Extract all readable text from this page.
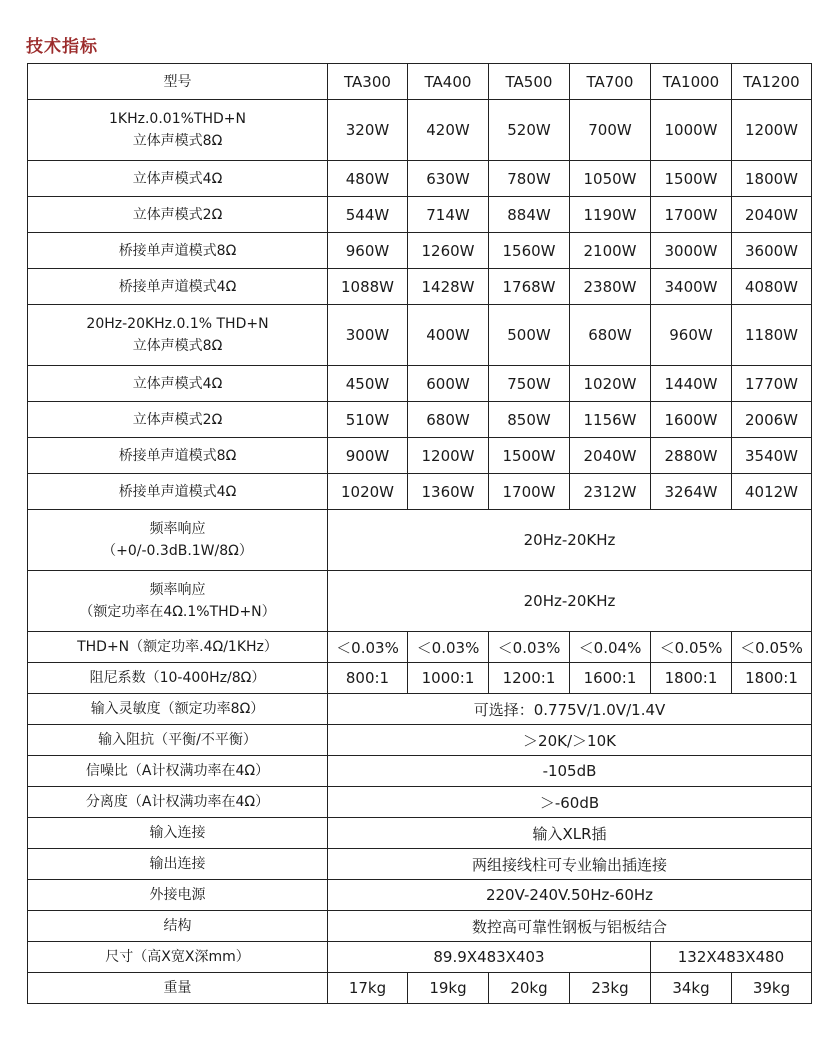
技术指标
型号	TA300	TA400	TA500	TA700	TA1000	TA1200

1KHz.0.01%THD+N
立体声模式8Ω	320W	420W	520W	700W	1000W	1200W

立体声模式4Ω	480W	630W	780W	1050W	1500W	1800W

立体声模式2Ω	544W	714W	884W	1190W	1700W	2040W

桥接单声道模式8Ω	960W	1260W	1560W	2100W	3000W	3600W

桥接单声道模式4Ω	1088W	1428W	1768W	2380W	3400W	4080W

20Hz-20KHz.0.1% THD+N
立体声模式8Ω	300W	400W	500W	680W	960W	1180W

立体声模式4Ω	450W	600W	750W	1020W	1440W	1770W

立体声模式2Ω	510W	680W	850W	1156W	1600W	2006W

桥接单声道模式8Ω	900W	1200W	1500W	2040W	2880W	3540W

桥接单声道模式4Ω	1020W	1360W	1700W	2312W	3264W	4012W

频率响应
（+0/-0.3dB.1W/8Ω）	20Hz-20KHz					

频率响应
（额定功率在4Ω.1%THD+N）	20Hz-20KHz					
THD+N（额定功率.4Ω/1KHz）	＜0.03%	＜0.03%	＜0.03%	＜0.04%	＜0.05%	＜0.05%
阻尼系数（10-400Hz/8Ω）	800:1	1000:1	1200:1	1600:1	1800:1	1800:1
输入灵敏度（额定功率8Ω）	可选择：0.775V/1.0V/1.4V					
输入阻抗（平衡/不平衡）	＞20K/＞10K					
信噪比（A计权满功率在4Ω）	-105dB					
分离度（A计权满功率在4Ω）	＞-60dB					
输入连接	输入XLR插					
输出连接	两组接线柱可专业输出插连接					
外接电源	220V-240V.50Hz-60Hz					
结构	数控高可靠性钢板与铝板结合					
尺寸（高X宽X深mm）	89.9X483X403				132X483X480	
重量	17kg	19kg	20kg	23kg	34kg	39kg
